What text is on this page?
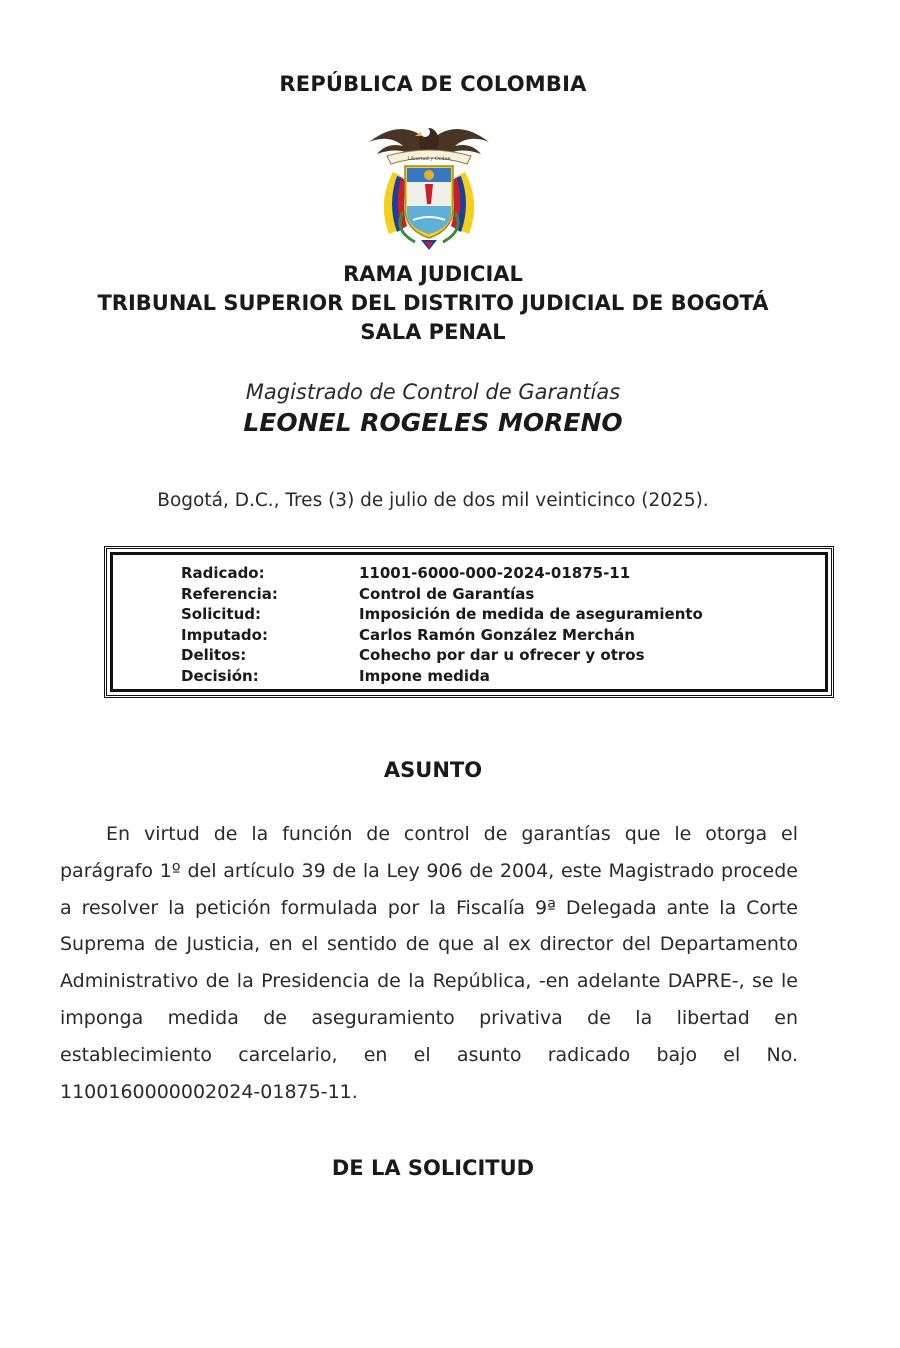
REPÚBLICA DE COLOMBIA
Libertad y Orden
RAMA JUDICIAL
TRIBUNAL SUPERIOR DEL DISTRITO JUDICIAL DE BOGOTÁ
SALA PENAL
Magistrado de Control de Garantías
LEONEL ROGELES MORENO
Bogotá, D.C., Tres (3) de julio de dos mil veinticinco (2025).
Radicado:	11001-6000-000-2024-01875-11
Referencia:	Control de Garantías
Solicitud:	Imposición de medida de aseguramiento
Imputado:	Carlos Ramón González Merchán
Delitos:	Cohecho por dar u ofrecer y otros
Decisión:	Impone medida
ASUNTO
En virtud de la función de control de garantías que le otorga el parágrafo 1º del artículo 39 de la Ley 906 de 2004, este Magistrado procede a resolver la petición formulada por la Fiscalía 9ª Delegada ante la Corte Suprema de Justicia, en el sentido de que al ex director del Departamento Administrativo de la Presidencia de la República, -en adelante DAPRE-, se le imponga medida de aseguramiento privativa de la libertad en establecimiento carcelario, en el asunto radicado bajo el No. 1100160000002024-01875-11.
DE LA SOLICITUD
